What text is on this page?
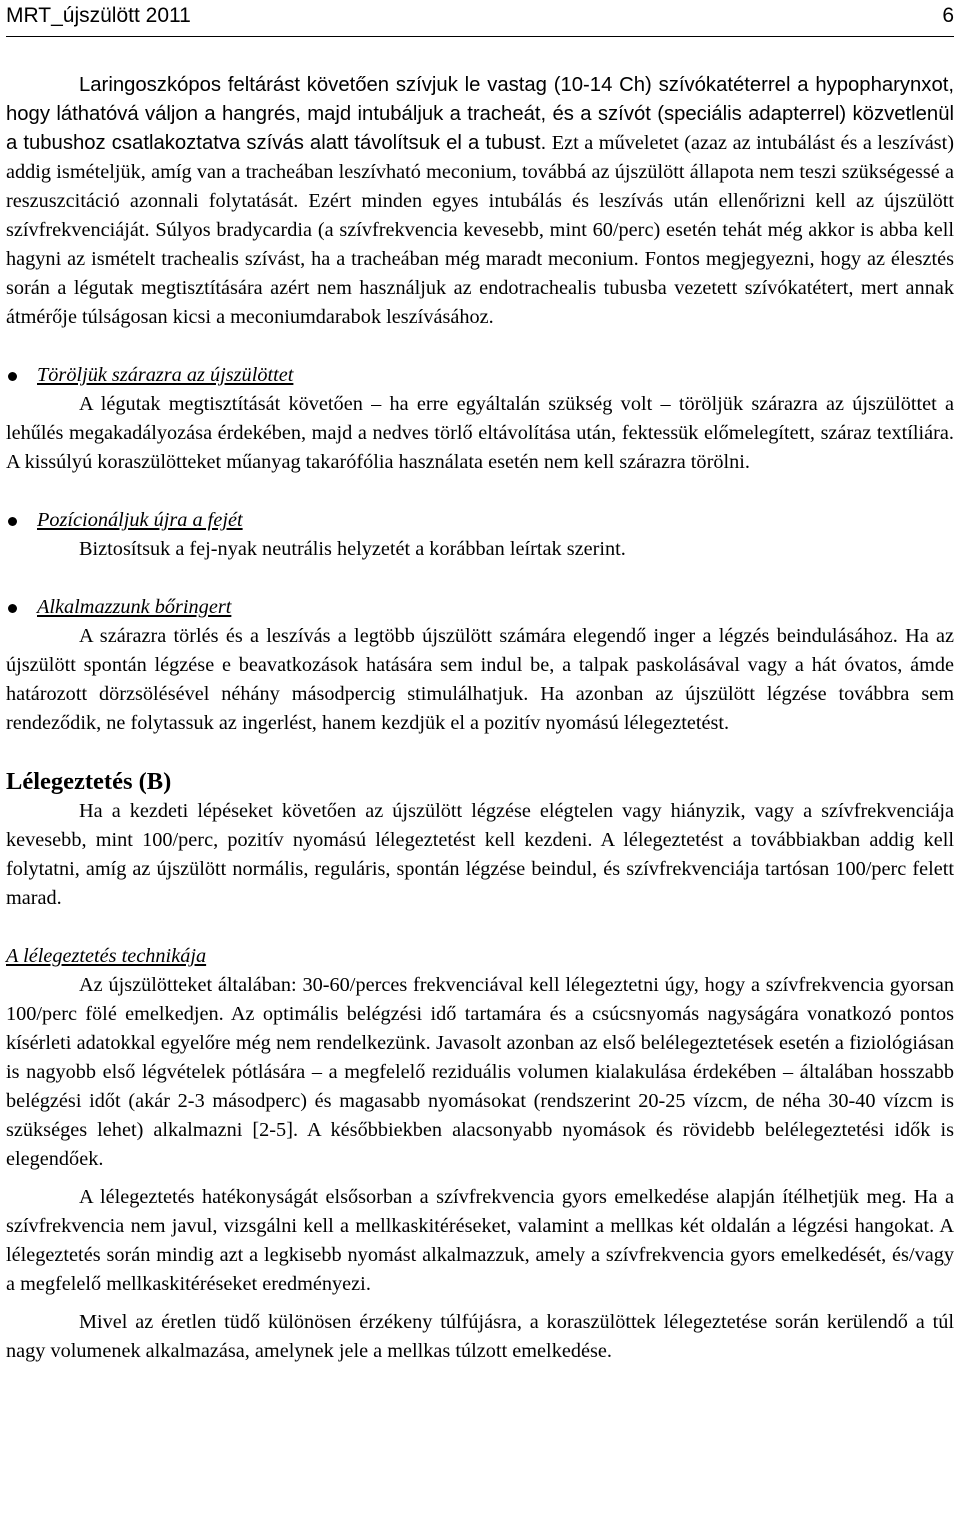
MRT_újszülött 2011	6

Laringoszkópos feltárást követően szívjuk le vastag (10-14 Ch) szívókatéterrel a hypopharynxot, hogy láthatóvá váljon a hangrés, majd intubáljuk a tracheát, és a szívót (speciális adapterrel) közvetlenül a tubushoz csatlakoztatva szívás alatt távolítsuk el a tubust. Ezt a műveletet (azaz az intubálást és a leszívást) addig ismételjük, amíg van a tracheában leszívható meconium, továbbá az újszülött állapota nem teszi szükségessé a reszuszcitáció azonnali folytatását. Ezért minden egyes intubálás és leszívás után ellenőrizni kell az újszülött szívfrekvenciáját. Súlyos bradycardia (a szívfrekvencia kevesebb, mint 60/perc) esetén tehát még akkor is abba kell hagyni az ismételt trachealis szívást, ha a tracheában még maradt meconium. Fontos megjegyezni, hogy az élesztés során a légutak megtisztítására azért nem használjuk az endotrachealis tubusba vezetett szívókatétert, mert annak átmérője túlságosan kicsi a meconiumdarabok leszívásához.

Töröljük szárazra az újszülöttet

A légutak megtisztítását követően – ha erre egyáltalán szükség volt – töröljük szárazra az újszülöttet a lehűlés megakadályozása érdekében, majd a nedves törlő eltávolítása után, fektessük előmelegített, száraz textíliára. A kissúlyú koraszülötteket műanyag takarófólia használata esetén nem kell szárazra törölni.

Pozícionáljuk újra a fejét

Biztosítsuk a fej-nyak neutrális helyzetét a korábban leírtak szerint.

Alkalmazzunk bőringert

A szárazra törlés és a leszívás a legtöbb újszülött számára elegendő inger a légzés beindulásához. Ha az újszülött spontán légzése e beavatkozások hatására sem indul be, a talpak paskolásával vagy a hát óvatos, ámde határozott dörzsölésével néhány másodpercig stimulálhatjuk. Ha azonban az újszülött légzése továbbra sem rendeződik, ne folytassuk az ingerlést, hanem kezdjük el a pozitív nyomású lélegeztetést.

Lélegeztetés (B)

Ha a kezdeti lépéseket követően az újszülött légzése elégtelen vagy hiányzik, vagy a szívfrekvenciája kevesebb, mint 100/perc, pozitív nyomású lélegeztetést kell kezdeni. A lélegeztetést a továbbiakban addig kell folytatni, amíg az újszülött normális, reguláris, spontán légzése beindul, és szívfrekvenciája tartósan 100/perc felett marad.

A lélegeztetés technikája

Az újszülötteket általában: 30-60/perces frekvenciával kell lélegeztetni úgy, hogy a szívfrekvencia gyorsan 100/perc fölé emelkedjen. Az optimális belégzési idő tartamára és a csúcsnyomás nagyságára vonatkozó pontos kísérleti adatokkal egyelőre még nem rendelkezünk. Javasolt azonban az első belélegeztetések esetén a fiziológiásan is nagyobb első légvételek pótlására – a megfelelő reziduális volumen kialakulása érdekében – általában hosszabb belégzési időt (akár 2-3 másodperc) és magasabb nyomásokat (rendszerint 20-25 vízcm, de néha 30-40 vízcm is szükséges lehet) alkalmazni [2-5]. A későbbiekben alacsonyabb nyomások és rövidebb belélegeztetési idők is elegendőek.

A lélegeztetés hatékonyságát elsősorban a szívfrekvencia gyors emelkedése alapján ítélhetjük meg. Ha a szívfrekvencia nem javul, vizsgálni kell a mellkaskitéréseket, valamint a mellkas két oldalán a légzési hangokat. A lélegeztetés során mindig azt a legkisebb nyomást alkalmazzuk, amely a szívfrekvencia gyors emelkedését, és/vagy a megfelelő mellkaskitéréseket eredményezi.

Mivel az éretlen tüdő különösen érzékeny túlfújásra, a koraszülöttek lélegeztetése során kerülendő a túl nagy volumenek alkalmazása, amelynek jele a mellkas túlzott emelkedése.
